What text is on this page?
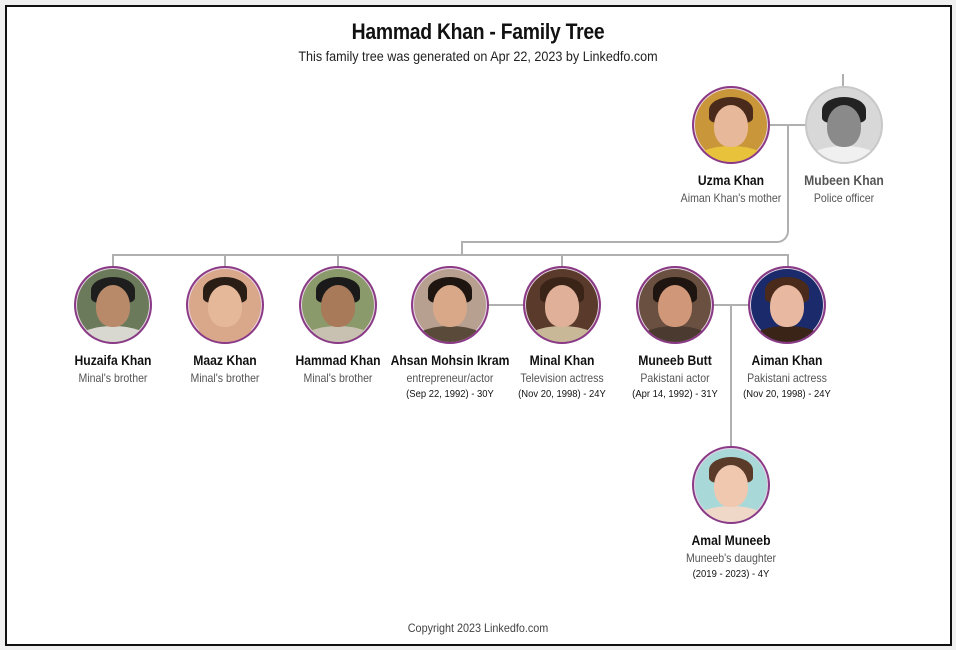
Hammad Khan - Family Tree
This family tree was generated on Apr 22, 2023 by Linkedfo.com
Uzma Khan
Aiman Khan's mother
Mubeen Khan
Police officer
Huzaifa Khan
Minal's brother
Maaz Khan
Minal's brother
Hammad Khan
Minal's brother
Ahsan Mohsin Ikram
entrepreneur/actor
(Sep 22, 1992) - 30Y
Minal Khan
Television actress
(Nov 20, 1998) - 24Y
Muneeb Butt
Pakistani actor
(Apr 14, 1992) - 31Y
Aiman Khan
Pakistani actress
(Nov 20, 1998) - 24Y
Amal Muneeb
Muneeb's daughter
(2019 - 2023) - 4Y
Copyright 2023 Linkedfo.com
